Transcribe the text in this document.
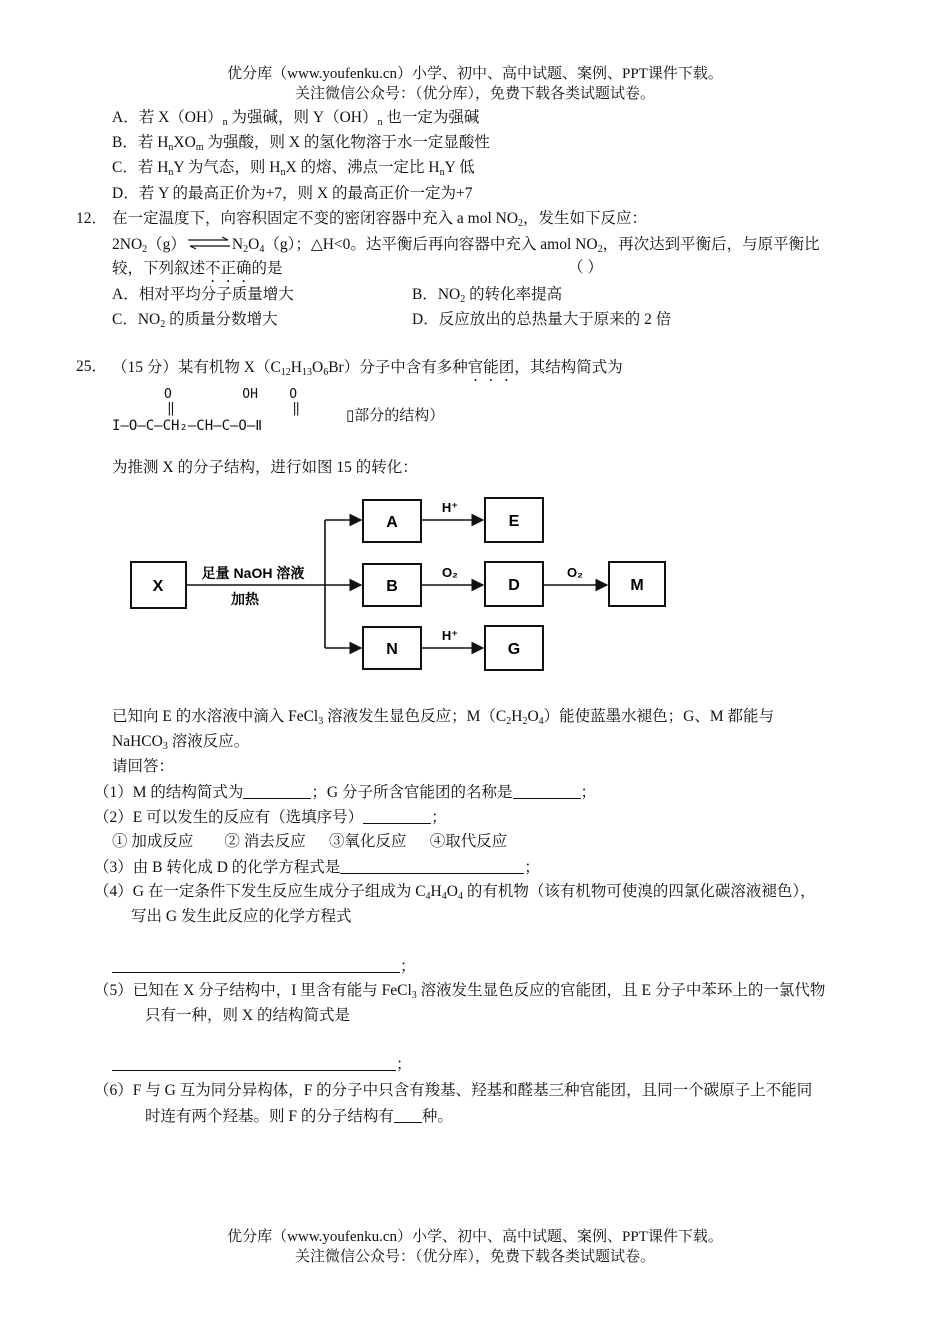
优分库（www.youfenku.cn）小学、初中、高中试题、案例、PPT课件下载。
关注微信公众号：（优分库），免费下载各类试题试卷。
A．若 $X(OH)_n$ 为强碱，则 $Y(OH)_n$ 也一定为强碱
B．若 $H_nXO_m$ 为强酸，则 X 的氢化物溶于水一定显酸性
C．若 $H_nY$ 为气态，则 $H_nX$ 的熔、沸点一定比 $H_nY$ 低
D．若 Y 的最高正价为+7，则 X 的最高正价一定为+7
12． 在一定温度下，向容积固定不变的密闭容器中充入 a mol $NO_2$，发生如下反应：
$2NO_2(g)\rightleftharpoons N_2O_4(g)$；△H<0。达平衡后再向容器中充入 amol $NO_2$，再次达到平衡后，与原平衡比
较，下列叙述不正确的是	（ ）
A．相对平均分子质量增大	B．$NO_2$ 的转化率提高
C．$NO_2$ 的质量分数增大	D．反应放出的总热量大于原来的 2 倍
25． （15 分）某有机物 $X(C_{12}H_{13}O_6Br)$分子中含有多种官能团，其结构简式为
O         OH    O
‖               ‖
I—O—C—CH₂—CH—C—O—Ⅱ
▯部分的结构）
为推测 X 的分子结构，进行如图 15 的转化：
X
足量 NaOH 溶液
加热
A
B
N
H⁺
O₂
H⁺
E
D
G
O₂
M
已知向 E 的水溶液中滴入 FeCl$_3$ 溶液发生显色反应；$M(C_2H_2O_4)$能使蓝墨水褪色；G、M 都能与
NaHCO$_3$ 溶液反应。
请回答：
（1）M 的结构简式为	；G 分子所含官能团的名称是	；
（2）E 可以发生的反应有（选填序号）	；
① 加成反应        ② 消去反应      ③氧化反应      ④取代反应
（3）由 B 转化成 D 的化学方程式是	；
（4）G 在一定条件下发生反应生成分子组成为 $C_4H_4O_4$ 的有机物（该有机物可使溴的四氯化碳溶液褪色），
写出 G 发生此反应的化学方程式
；
（5）已知在 X 分子结构中，I 里含有能与 FeCl$_3$ 溶液发生显色反应的官能团，且 E 分子中苯环上的一氯代物
只有一种，则 X 的结构简式是
；
（6）F 与 G 互为同分异构体，F 的分子中只含有羧基、羟基和醛基三种官能团，且同一个碳原子上不能同
时连有两个羟基。则 F 的分子结构有 种。
优分库（www.youfenku.cn）小学、初中、高中试题、案例、PPT课件下载。
关注微信公众号：（优分库），免费下载各类试题试卷。
